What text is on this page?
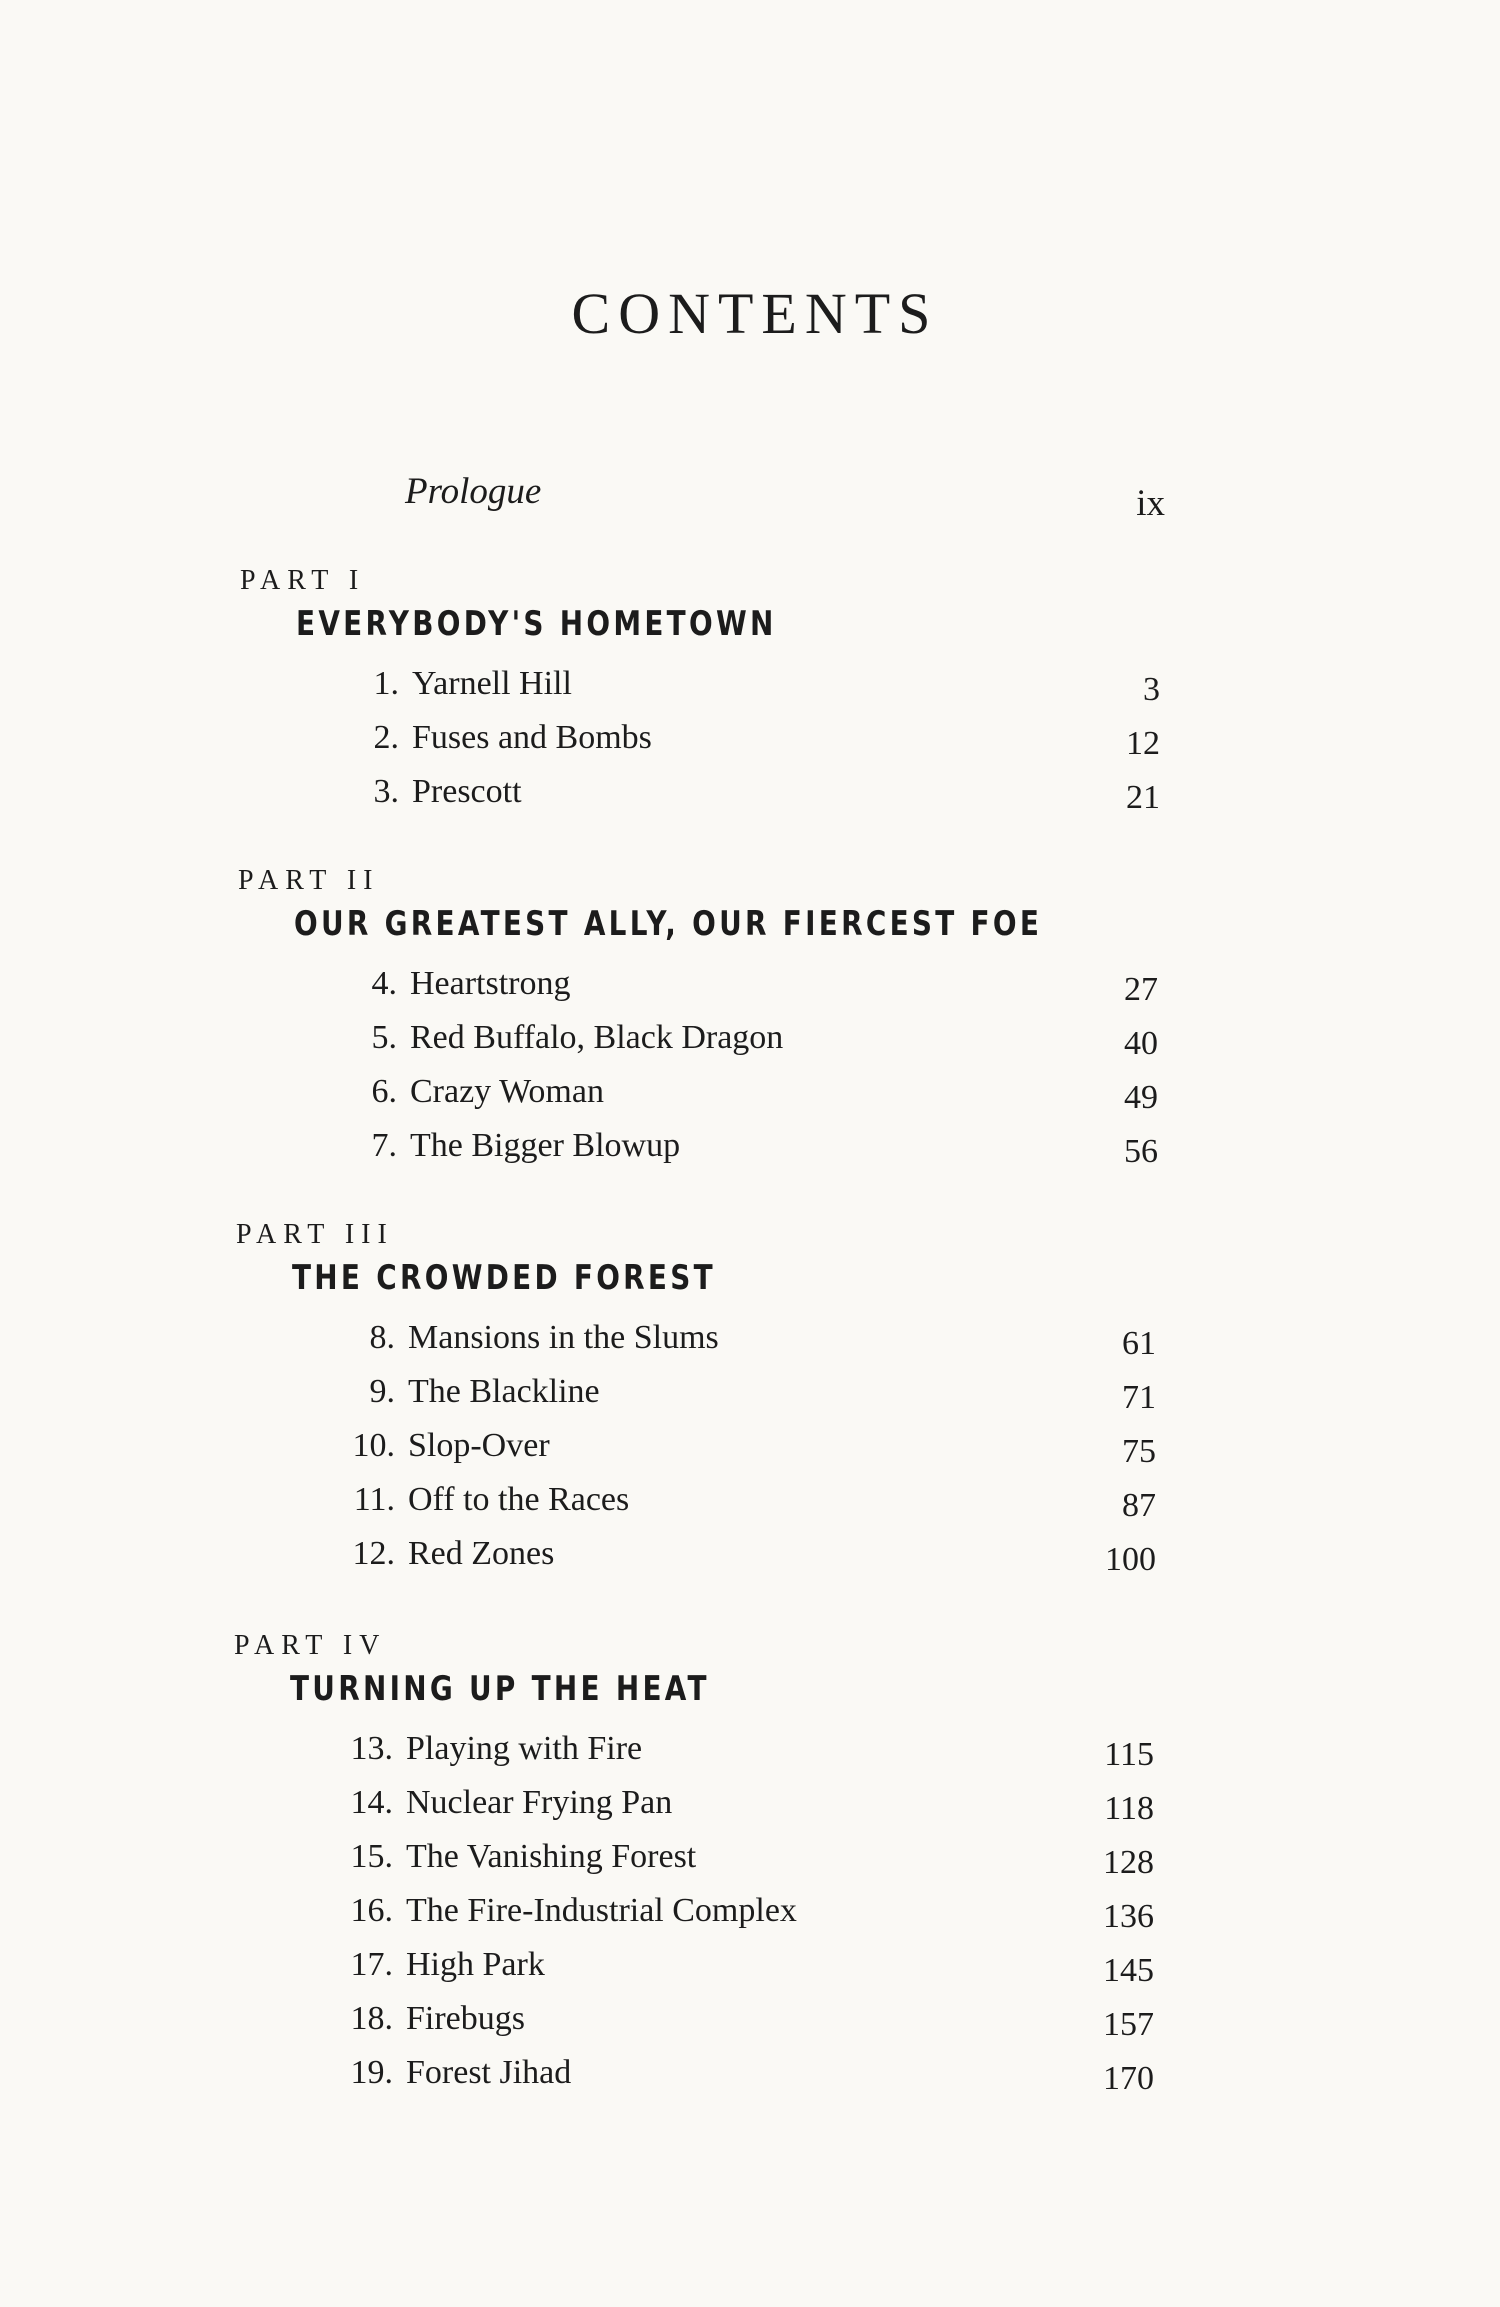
CONTENTS
Prologue	ix
PART I
EVERYBODY'S HOMETOWN
1. Yarnell Hill	3
2. Fuses and Bombs	12
3. Prescott	21
PART II
OUR GREATEST ALLY, OUR FIERCEST FOE
4. Heartstrong	27
5. Red Buffalo, Black Dragon	40
6. Crazy Woman	49
7. The Bigger Blowup	56
PART III
THE CROWDED FOREST
8. Mansions in the Slums	61
9. The Blackline	71
10. Slop-Over	75
11. Off to the Races	87
12. Red Zones	100
PART IV
TURNING UP THE HEAT
13. Playing with Fire	115
14. Nuclear Frying Pan	118
15. The Vanishing Forest	128
16. The Fire-Industrial Complex	136
17. High Park	145
18. Firebugs	157
19. Forest Jihad	170
